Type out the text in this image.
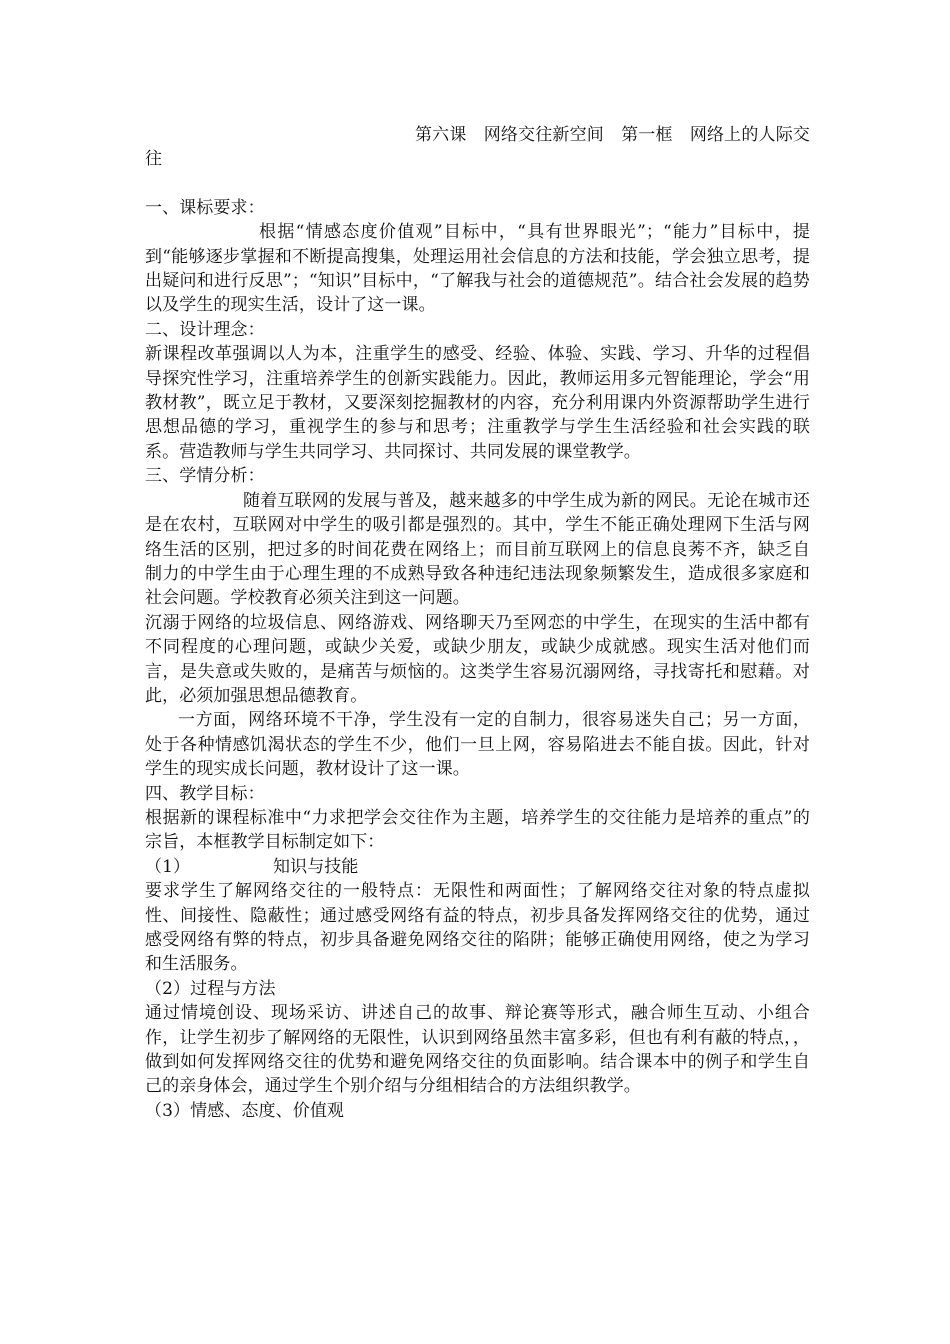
第六课　网络交往新空间　第一框　网络上的人际交往

一、课标要求：

根据“情感态度价值观”目标中，“具有世界眼光”；“能力”目标中，提到“能够逐步掌握和不断提高搜集，处理运用社会信息的方法和技能，学会独立思考，提出疑问和进行反思”；“知识”目标中，“了解我与社会的道德规范”。结合社会发展的趋势以及学生的现实生活，设计了这一课。

二、设计理念：

新课程改革强调以人为本，注重学生的感受、经验、体验、实践、学习、升华的过程倡导探究性学习，注重培养学生的创新实践能力。因此，教师运用多元智能理论，学会“用教材教”，既立足于教材，又要深刻挖掘教材的内容，充分利用课内外资源帮助学生进行思想品德的学习，重视学生的参与和思考；注重教学与学生生活经验和社会实践的联系。营造教师与学生共同学习、共同探讨、共同发展的课堂教学。

三、学情分析：

随着互联网的发展与普及，越来越多的中学生成为新的网民。无论在城市还是在农村，互联网对中学生的吸引都是强烈的。其中，学生不能正确处理网下生活与网络生活的区别，把过多的时间花费在网络上；而目前互联网上的信息良莠不齐，缺乏自制力的中学生由于心理生理的不成熟导致各种违纪违法现象频繁发生，造成很多家庭和社会问题。学校教育必须关注到这一问题。

沉溺于网络的垃圾信息、网络游戏、网络聊天乃至网恋的中学生，在现实的生活中都有不同程度的心理问题，或缺少关爱，或缺少朋友，或缺少成就感。现实生活对他们而言，是失意或失败的，是痛苦与烦恼的。这类学生容易沉溺网络，寻找寄托和慰藉。对此，必须加强思想品德教育。

一方面，网络环境不干净，学生没有一定的自制力，很容易迷失自己；另一方面，处于各种情感饥渴状态的学生不少，他们一旦上网，容易陷进去不能自拔。因此，针对学生的现实成长问题，教材设计了这一课。

四、教学目标：

根据新的课程标准中“力求把学会交往作为主题，培养学生的交往能力是培养的重点”的宗旨，本框教学目标制定如下：

（1）	知识与技能

要求学生了解网络交往的一般特点：无限性和两面性；了解网络交往对象的特点虚拟性、间接性、隐蔽性；通过感受网络有益的特点，初步具备发挥网络交往的优势，通过感受网络有弊的特点，初步具备避免网络交往的陷阱；能够正确使用网络，使之为学习和生活服务。

（2）过程与方法

通过情境创设、现场采访、讲述自己的故事、辩论赛等形式，融合师生互动、小组合作，让学生初步了解网络的无限性，认识到网络虽然丰富多彩，但也有利有蔽的特点，，做到如何发挥网络交往的优势和避免网络交往的负面影响。结合课本中的例子和学生自己的亲身体会，通过学生个别介绍与分组相结合的方法组织教学。

（3）情感、态度、价值观
